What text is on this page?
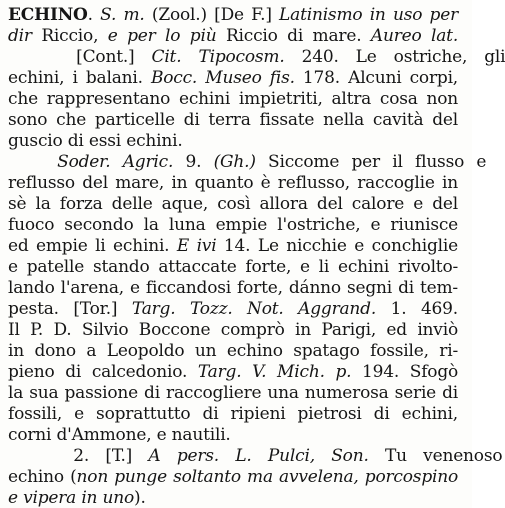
ECHINO. S. m. (Zool.) [De F.] Latinismo in uso per
dir Riccio, e per lo più Riccio di mare. Aureo lat.
[Cont.] Cit. Tipocosm. 240. Le ostriche, gli
echini, i balani. Bocc. Museo fis. 178. Alcuni corpi,
che rappresentano echini impietriti, altra cosa non
sono che particelle di terra fissate nella cavità del
guscio di essi echini.
Soder. Agric. 9. (Gh.) Siccome per il flusso e
reflusso del mare, in quanto è reflusso, raccoglie in
sè la forza delle aque, così allora del calore e del
fuoco secondo la luna empie l'ostriche, e riunisce
ed empie li echini. E ivi 14. Le nicchie e conchiglie
e patelle stando attaccate forte, e li echini rivolto-
lando l'arena, e ficcandosi forte, dánno segni di tem-
pesta. [Tor.] Targ. Tozz. Not. Aggrand. 1. 469.
Il P. D. Silvio Boccone comprò in Parigi, ed inviò
in dono a Leopoldo un echino spatago fossile, ri-
pieno di calcedonio. Targ. V. Mich. p. 194. Sfogò
la sua passione di raccogliere una numerosa serie di
fossili, e soprattutto di ripieni pietrosi di echini,
corni d'Ammone, e nautili.
2. [T.] A pers. L. Pulci, Son. Tu venenoso
echino (non punge soltanto ma avvelena, porcospino
e vipera in uno).
